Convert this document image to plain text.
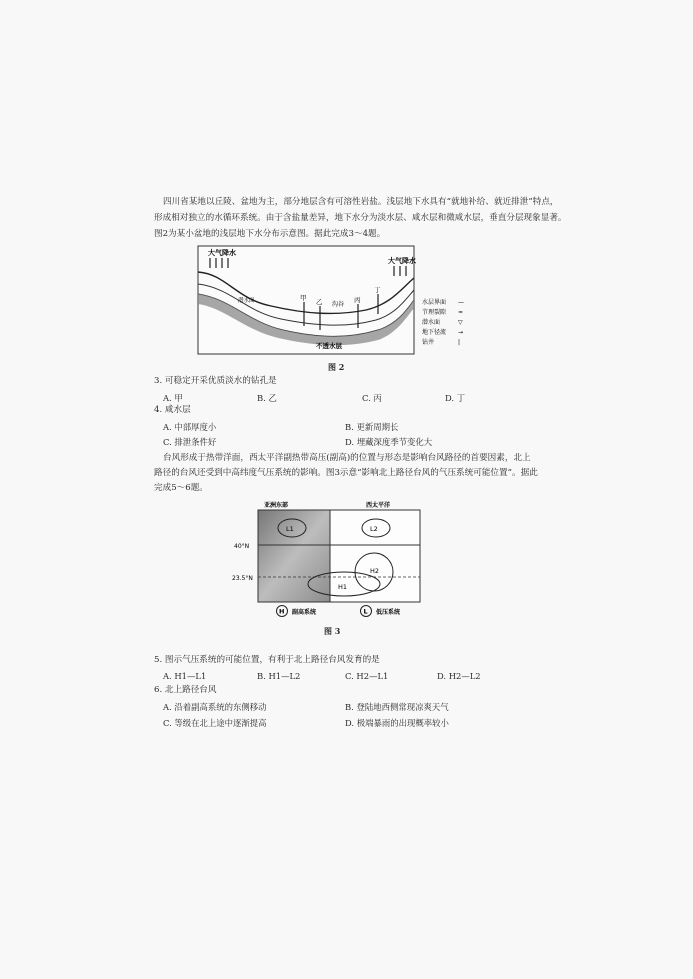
四川省某地以丘陵、盆地为主，部分地层含有可溶性岩盐。浅层地下水具有“就地补给、就近排泄”特点，
形成相对独立的水循环系统。由于含盐量差异，地下水分为淡水层、咸水层和微咸水层，垂直分层现象显著。
图2为某小盆地的浅层地下水分布示意图。据此完成3～4题。
大气降水
大气降水
甲 乙	丙
丁
沟谷
潜水面
不透水层
水层界面 —
节理裂隙 ≈
潜水面	▽
地下径流 →
钻井	|
图 2
3. 可稳定开采优质淡水的钻孔是
A. 甲	B. 乙	C. 丙	D. 丁
4. 咸水层
A. 中部厚度小	B. 更新周期长
C. 排泄条件好	D. 埋藏深度季节变化大
台风形成于热带洋面，西太平洋副热带高压(副高)的位置与形态是影响台风路径的首要因素，北上
路径的台风还受到中高纬度气压系统的影响。图3示意“影响北上路径台风的气压系统可能位置”。据此
完成5～6题。
亚洲东部	西太平洋
40°N
23.5°N
L1	L2
H2
H1
H 副高系统	L 低压系统
图 3
5. 图示气压系统的可能位置，有利于北上路径台风发育的是
A. H1—L1	B. H1—L2	C. H2—L1	D. H2—L2
6. 北上路径台风
A. 沿着副高系统的东侧移动	B. 登陆地西侧常现凉爽天气
C. 等级在北上途中逐渐提高	D. 极端暴雨的出现概率较小
